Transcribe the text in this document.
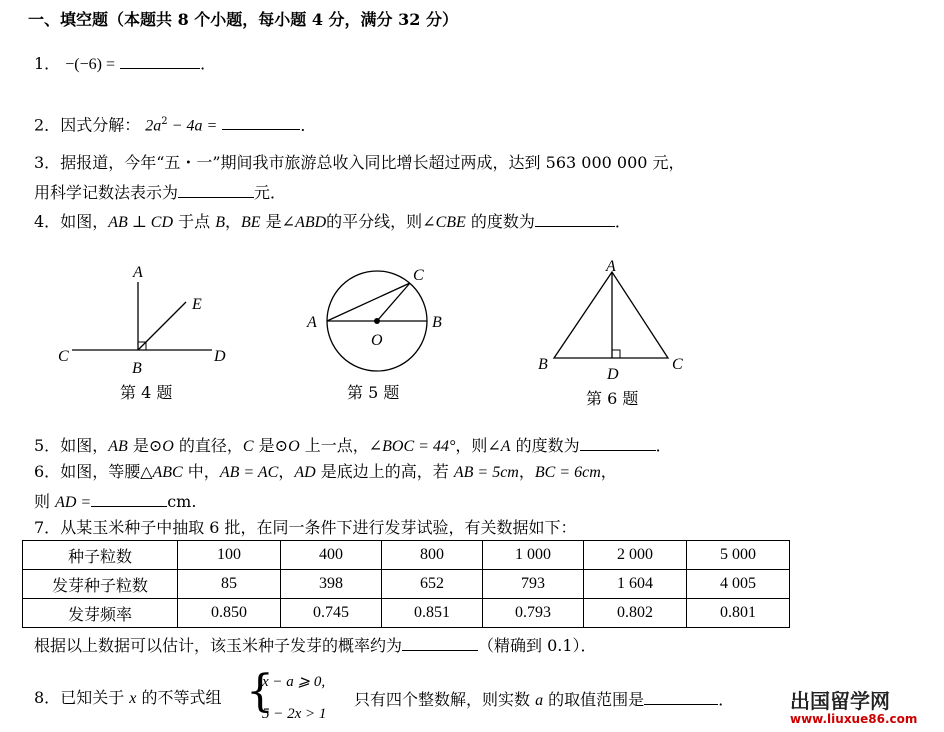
一、填空题（本题共 8 个小题，每小题 4 分，满分 32 分）
1． −(−6) =	．
2．因式分解： $2a^2 - 4a$ =	．
3．据报道，今年“五・一”期间我市旅游总收入同比增长超过两成，达到 563 000 000 元，
用科学记数法表示为	元．
4．如图，AB ⊥ CD 于点 B，BE 是∠ABD的平分线，则∠CBE 的度数为	．
A
E
C
B
D
第 4 题
A	B
C
O
第 5 题
A
B	C
D
第 6 题
5．如图，AB 是⊙O 的直径，C 是⊙O 上一点，∠BOC = 44°，则∠A 的度数为	．
6．如图，等腰△ABC 中，AB = AC，AD 是底边上的高，若 AB = 5cm，BC = 6cm，
则 AD =	cm.
7．从某玉米种子中抽取 6 批，在同一条件下进行发芽试验，有关数据如下：
种子粒数	100	400	800	1 000	2 000	5 000
发芽种子粒数	85	398	652	793	1 604	4 005
发芽频率	0.850	0.745	0.851	0.793	0.802	0.801
根据以上数据可以估计，该玉米种子发芽的概率约为	（精确到 0.1）．
8．已知关于 x 的不等式组 {
x − a ⩾ 0,
5 − 2x > 1
只有四个整数解，则实数 a 的取值范围是	．	出国留学网
www.liuxue86.com
